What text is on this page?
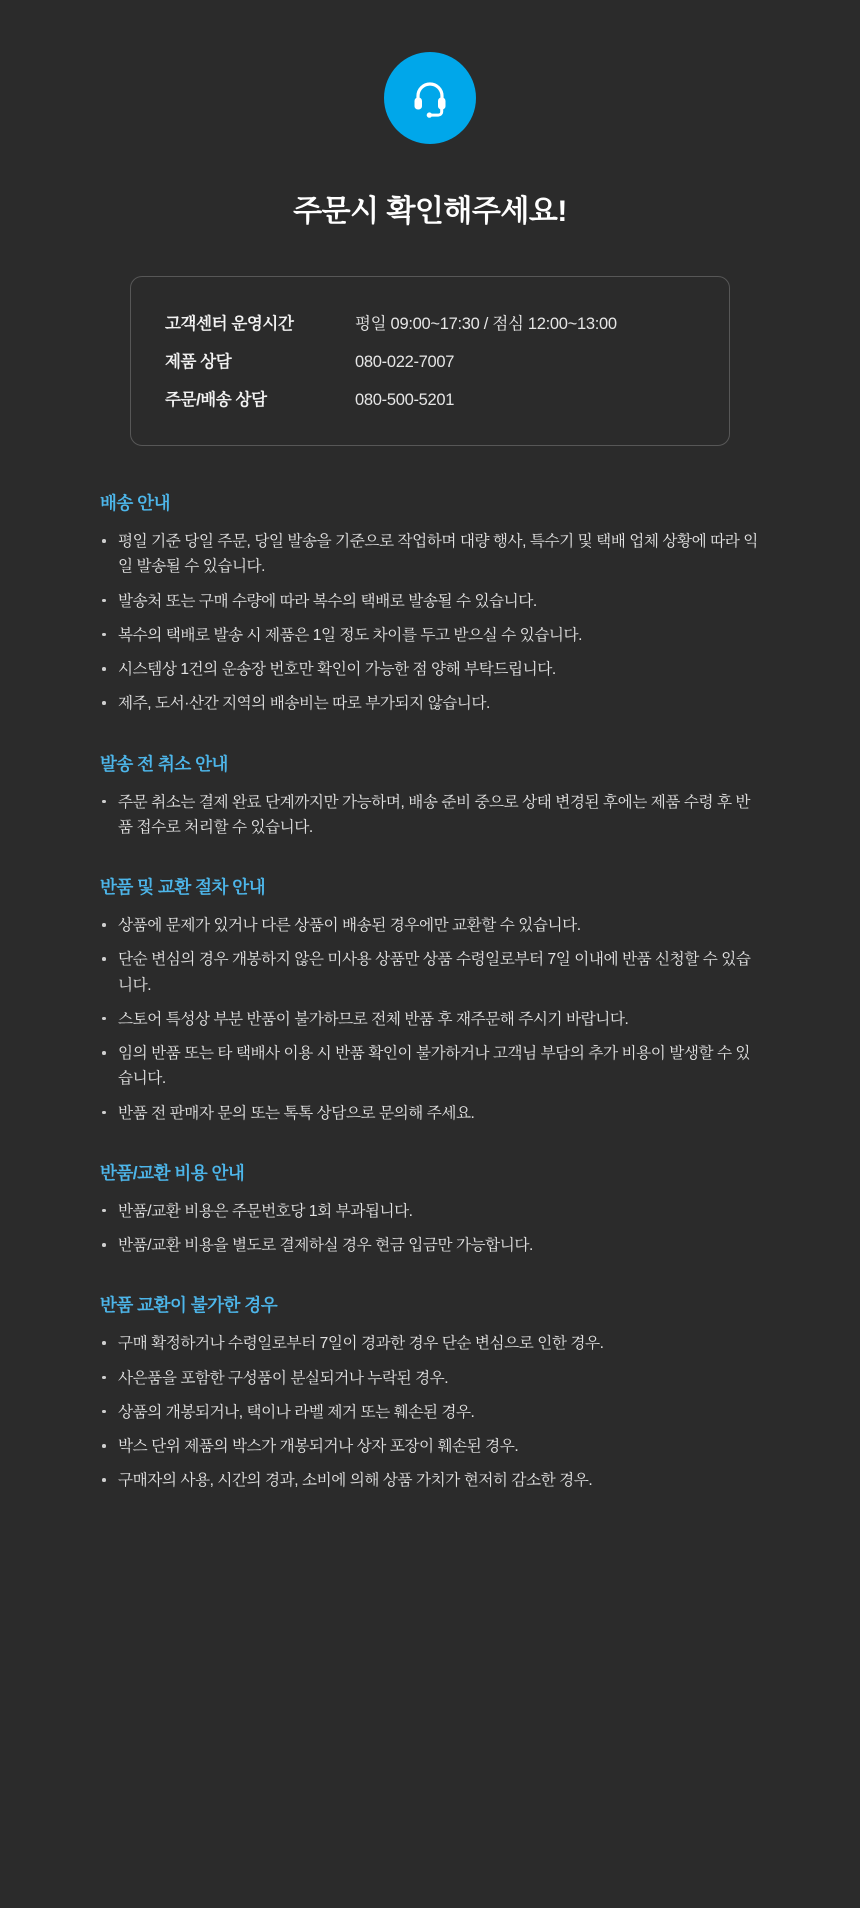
주문시 확인해주세요!
고객센터 운영시간	평일 09:00~17:30 / 점심 12:00~13:00
제품 상담	080-022-7007
주문/배송 상담	080-500-5201
배송 안내
평일 기준 당일 주문, 당일 발송을 기준으로 작업하며 대량 행사, 특수기 및 택배 업체 상황에 따라 익일 발송될 수 있습니다.
발송처 또는 구매 수량에 따라 복수의 택배로 발송될 수 있습니다.
복수의 택배로 발송 시 제품은 1일 정도 차이를 두고 받으실 수 있습니다.
시스템상 1건의 운송장 번호만 확인이 가능한 점 양해 부탁드립니다.
제주, 도서·산간 지역의 배송비는 따로 부가되지 않습니다.
발송 전 취소 안내
주문 취소는 결제 완료 단계까지만 가능하며, 배송 준비 중으로 상태 변경된 후에는 제품 수령 후 반품 접수로 처리할 수 있습니다.
반품 및 교환 절차 안내
상품에 문제가 있거나 다른 상품이 배송된 경우에만 교환할 수 있습니다.
단순 변심의 경우 개봉하지 않은 미사용 상품만 상품 수령일로부터 7일 이내에 반품 신청할 수 있습니다.
스토어 특성상 부분 반품이 불가하므로 전체 반품 후 재주문해 주시기 바랍니다.
임의 반품 또는 타 택배사 이용 시 반품 확인이 불가하거나 고객님 부담의 추가 비용이 발생할 수 있습니다.
반품 전 판매자 문의 또는 톡톡 상담으로 문의해 주세요.
반품/교환 비용 안내
반품/교환 비용은 주문번호당 1회 부과됩니다.
반품/교환 비용을 별도로 결제하실 경우 현금 입금만 가능합니다.
반품 교환이 불가한 경우
구매 확정하거나 수령일로부터 7일이 경과한 경우 단순 변심으로 인한 경우.
사은품을 포함한 구성품이 분실되거나 누락된 경우.
상품의 개봉되거나, 택이나 라벨 제거 또는 훼손된 경우.
박스 단위 제품의 박스가 개봉되거나 상자 포장이 훼손된 경우.
구매자의 사용, 시간의 경과, 소비에 의해 상품 가치가 현저히 감소한 경우.
